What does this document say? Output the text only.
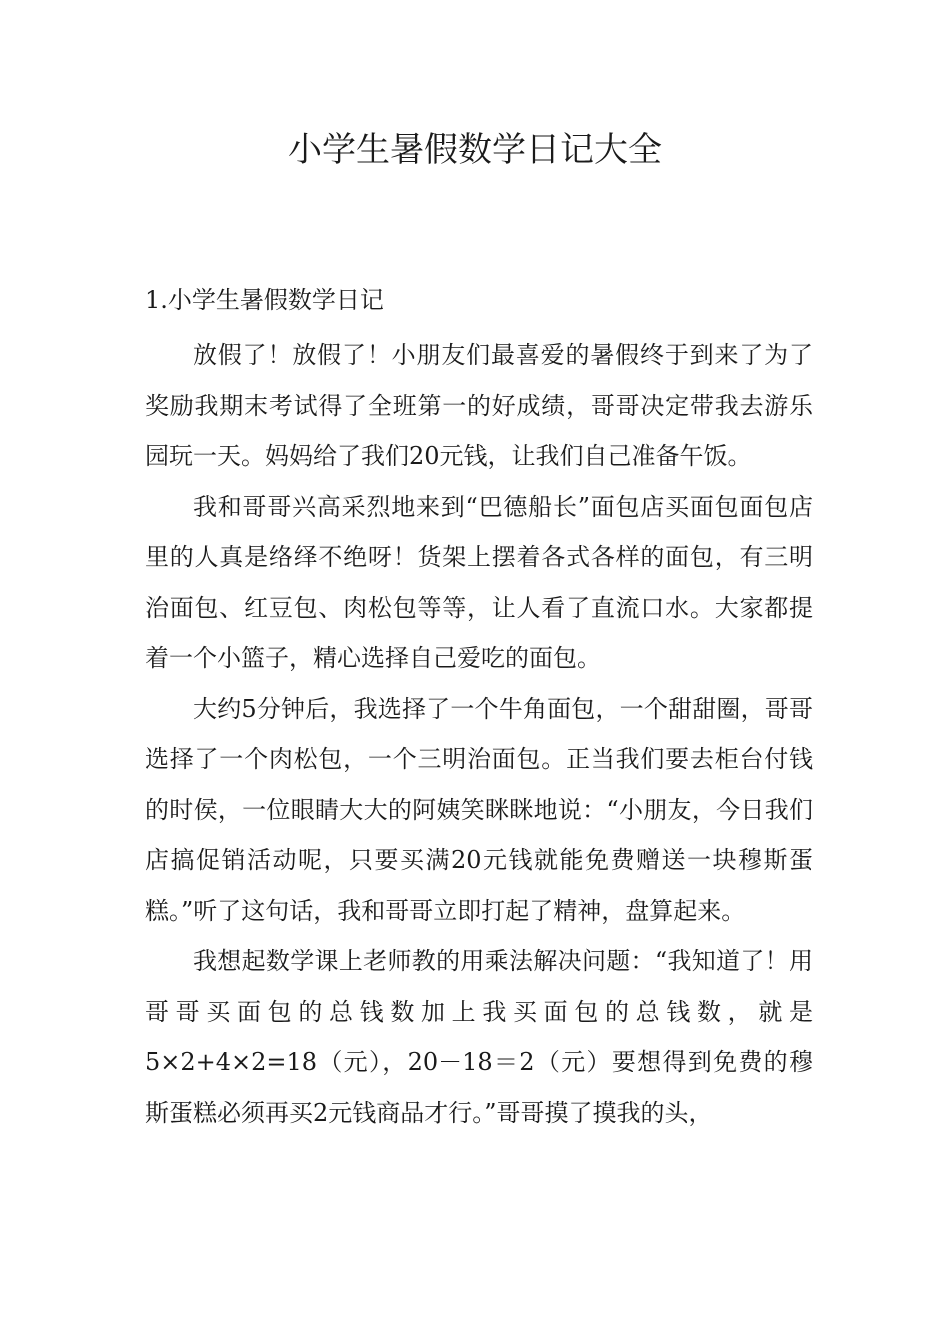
小学生暑假数学日记大全

1.小学生暑假数学日记

放假了！放假了！小朋友们最喜爱的暑假终于到来了为了奖励我期末考试得了全班第一的好成绩，哥哥决定带我去游乐园玩一天。妈妈给了我们20元钱，让我们自己准备午饭。

我和哥哥兴高采烈地来到“巴德船长”面包店买面包面包店里的人真是络绎不绝呀！货架上摆着各式各样的面包，有三明治面包、红豆包、肉松包等等，让人看了直流口水。大家都提着一个小篮子，精心选择自己爱吃的面包。

大约5分钟后，我选择了一个牛角面包，一个甜甜圈，哥哥选择了一个肉松包，一个三明治面包。正当我们要去柜台付钱的时侯，一位眼睛大大的阿姨笑眯眯地说：“小朋友，今日我们店搞促销活动呢，只要买满20元钱就能免费赠送一块穆斯蛋糕。”听了这句话，我和哥哥立即打起了精神，盘算起来。

我想起数学课上老师教的用乘法解决问题：“我知道了！用哥哥买面包的总钱数加上我买面包的总钱数，就是5×2+4×2=18（元），20－18＝2（元）要想得到免费的穆斯蛋糕必须再买2元钱商品才行。”哥哥摸了摸我的头，
